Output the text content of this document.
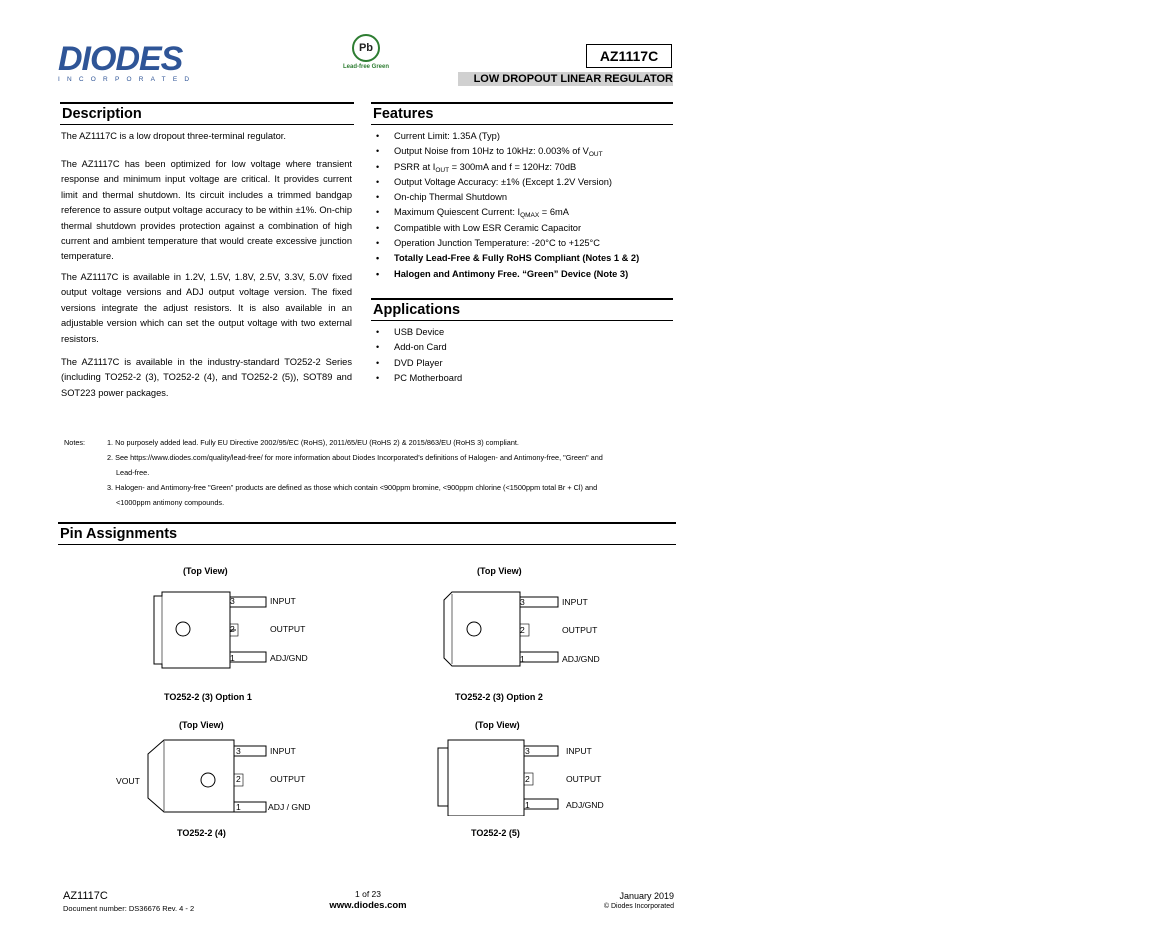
DIODES
INCORPORATED
Pb
Lead-free Green
AZ1117C
LOW DROPOUT LINEAR REGULATOR
Description
The AZ1117C is a low dropout three-terminal regulator.
The AZ1117C has been optimized for low voltage where transient response and minimum input voltage are critical. It provides current limit and thermal shutdown. Its circuit includes a trimmed bandgap reference to assure output voltage accuracy to be within ±1%. On-chip thermal shutdown provides protection against a combination of high current and ambient temperature that would create excessive junction temperature.
The AZ1117C is available in 1.2V, 1.5V, 1.8V, 2.5V, 3.3V, 5.0V fixed output voltage versions and ADJ output voltage version. The fixed versions integrate the adjust resistors. It is also available in an adjustable version which can set the output voltage with two external resistors.
The AZ1117C is available in the industry-standard TO252-2 Series (including TO252-2 (3), TO252-2 (4), and TO252-2 (5)), SOT89 and SOT223 power packages.
Features
• Current Limit: 1.35A (Typ)
• Output Noise from 10Hz to 10kHz: 0.003% of $V_{OUT}$
• PSRR at $I_{OUT} = 300mA$ and f = 120Hz: 70dB
• Output Voltage Accuracy: ±1% (Except 1.2V Version)
• On-chip Thermal Shutdown
• Maximum Quiescent Current: $I_{QMAX} = 6mA$
• Compatible with Low ESR Ceramic Capacitor
• Operation Junction Temperature: -20°C to +125°C
• Totally Lead-Free & Fully RoHS Compliant (Notes 1 & 2)
• Halogen and Antimony Free. “Green” Device (Note 3)
Applications
• USB Device
• Add-on Card
• DVD Player
• PC Motherboard
Notes:	1. No purposely added lead. Fully EU Directive 2002/95/EC (RoHS), 2011/65/EU (RoHS 2) & 2015/863/EU (RoHS 3) compliant.
2. See https://www.diodes.com/quality/lead-free/ for more information about Diodes Incorporated’s definitions of Halogen- and Antimony-free, "Green" and
Lead-free.
3. Halogen- and Antimony-free "Green” products are defined as those which contain <900ppm bromine, <900ppm chlorine (<1500ppm total Br + Cl) and
<1000ppm antimony compounds.
Pin Assignments
(Top View)
3
2
1
INPUT
OUTPUT
ADJ/GND
TO252-2 (3) Option 1
(Top View)
3
2
1
INPUT
OUTPUT
ADJ/GND
TO252-2 (3) Option 2
(Top View)
VOUT
3
2
1
INPUT
OUTPUT
ADJ / GND
TO252-2 (4)
(Top View)
3
2
1
INPUT
OUTPUT
ADJ/GND
TO252-2 (5)
AZ1117C
Document number: DS36676 Rev. 4 - 2
1 of 23
www.diodes.com
January 2019
© Diodes Incorporated
